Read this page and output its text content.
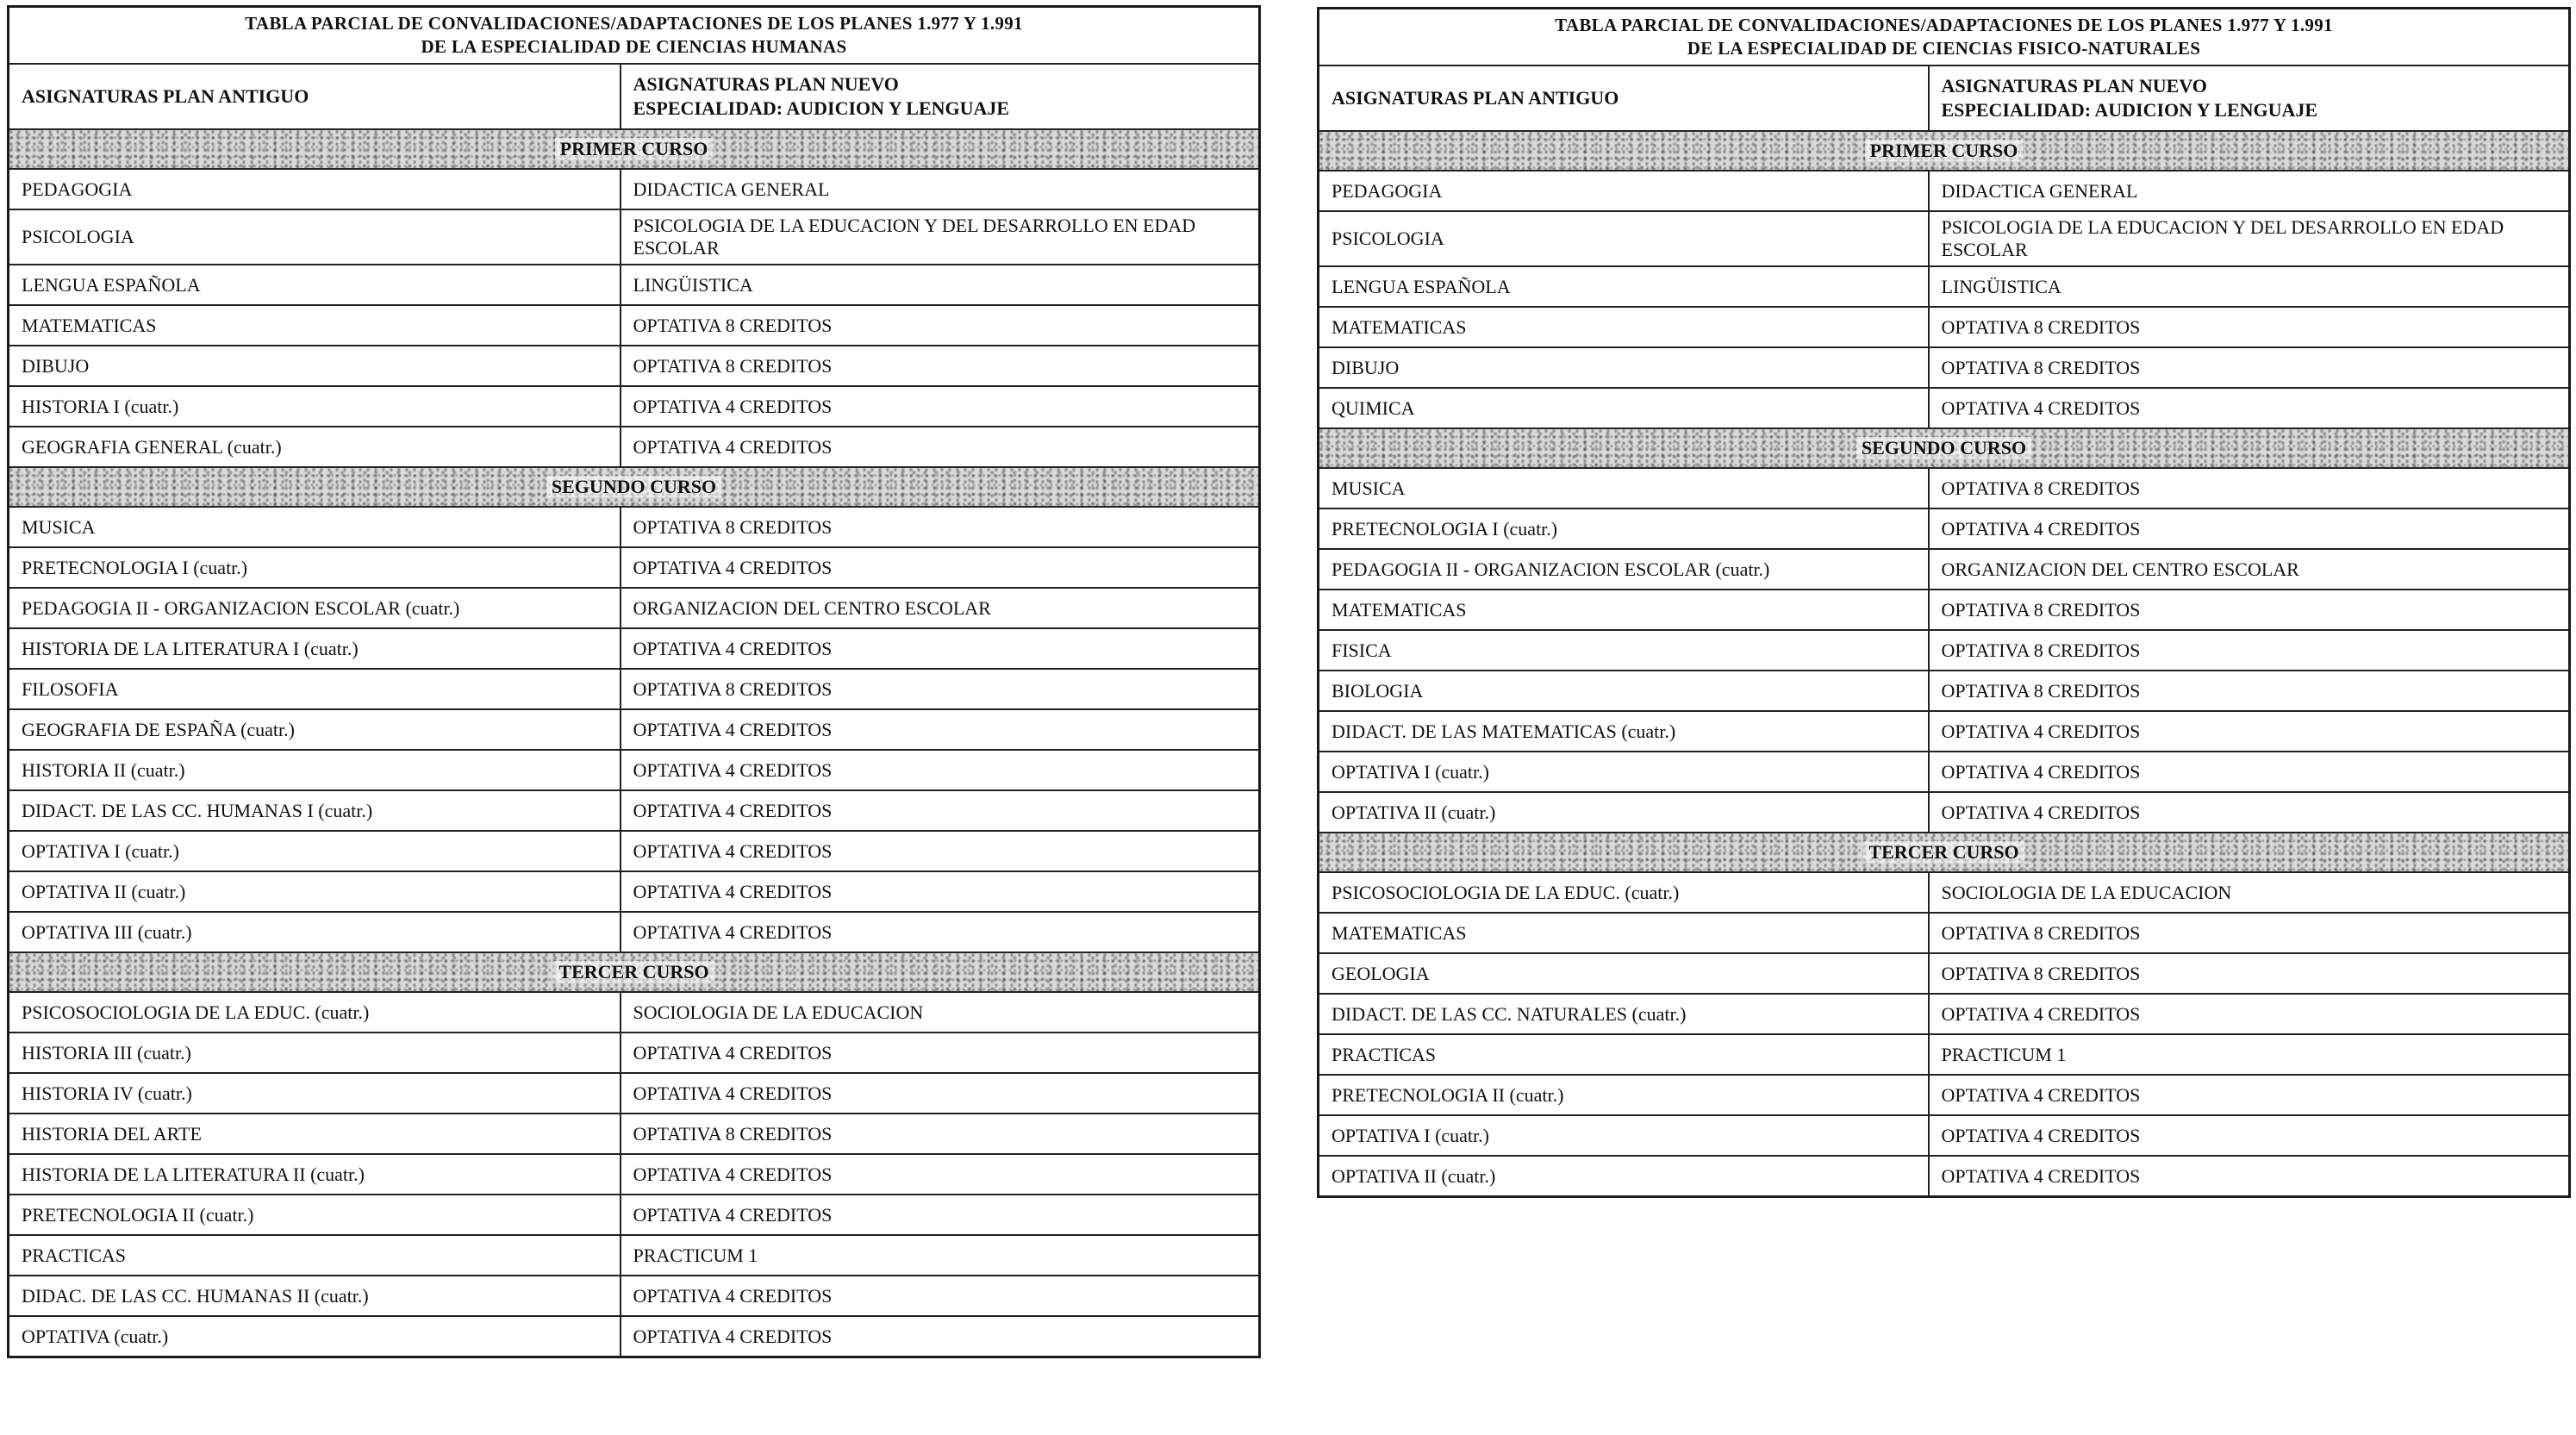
TABLA PARCIAL DE CONVALIDACIONES/ADAPTACIONES DE LOS PLANES 1.977 Y 1.991
DE LA ESPECIALIDAD DE CIENCIAS HUMANAS	

ASIGNATURAS PLAN ANTIGUO	ASIGNATURAS PLAN NUEVO
ESPECIALIDAD: AUDICION Y LENGUAJE

PRIMER CURSO	
PEDAGOGIA	DIDACTICA GENERAL
PSICOLOGIA	PSICOLOGIA DE LA EDUCACION Y DEL DESARROLLO EN EDAD ESCOLAR
LENGUA ESPAÑOLA	LINGÜISTICA
MATEMATICAS	OPTATIVA 8 CREDITOS
DIBUJO	OPTATIVA 8 CREDITOS
HISTORIA I (cuatr.)	OPTATIVA 4 CREDITOS
GEOGRAFIA GENERAL (cuatr.)	OPTATIVA 4 CREDITOS
SEGUNDO CURSO	
MUSICA	OPTATIVA 8 CREDITOS
PRETECNOLOGIA I (cuatr.)	OPTATIVA 4 CREDITOS
PEDAGOGIA II - ORGANIZACION ESCOLAR (cuatr.)	ORGANIZACION DEL CENTRO ESCOLAR
HISTORIA DE LA LITERATURA I (cuatr.)	OPTATIVA 4 CREDITOS
FILOSOFIA	OPTATIVA 8 CREDITOS
GEOGRAFIA DE ESPAÑA (cuatr.)	OPTATIVA 4 CREDITOS
HISTORIA II (cuatr.)	OPTATIVA 4 CREDITOS
DIDACT. DE LAS CC. HUMANAS I (cuatr.)	OPTATIVA 4 CREDITOS
OPTATIVA I (cuatr.)	OPTATIVA 4 CREDITOS
OPTATIVA II (cuatr.)	OPTATIVA 4 CREDITOS
OPTATIVA III (cuatr.)	OPTATIVA 4 CREDITOS
TERCER CURSO	
PSICOSOCIOLOGIA DE LA EDUC. (cuatr.)	SOCIOLOGIA DE LA EDUCACION
HISTORIA III (cuatr.)	OPTATIVA 4 CREDITOS
HISTORIA IV (cuatr.)	OPTATIVA 4 CREDITOS
HISTORIA DEL ARTE	OPTATIVA 8 CREDITOS
HISTORIA DE LA LITERATURA II (cuatr.)	OPTATIVA 4 CREDITOS
PRETECNOLOGIA II (cuatr.)	OPTATIVA 4 CREDITOS
PRACTICAS	PRACTICUM 1
DIDAC. DE LAS CC. HUMANAS II (cuatr.)	OPTATIVA 4 CREDITOS
OPTATIVA (cuatr.)	OPTATIVA 4 CREDITOS
TABLA PARCIAL DE CONVALIDACIONES/ADAPTACIONES DE LOS PLANES 1.977 Y 1.991
DE LA ESPECIALIDAD DE CIENCIAS FISICO-NATURALES	

ASIGNATURAS PLAN ANTIGUO	ASIGNATURAS PLAN NUEVO
ESPECIALIDAD: AUDICION Y LENGUAJE

PRIMER CURSO	
PEDAGOGIA	DIDACTICA GENERAL
PSICOLOGIA	PSICOLOGIA DE LA EDUCACION Y DEL DESARROLLO EN EDAD ESCOLAR
LENGUA ESPAÑOLA	LINGÜISTICA
MATEMATICAS	OPTATIVA 8 CREDITOS
DIBUJO	OPTATIVA 8 CREDITOS
QUIMICA	OPTATIVA 4 CREDITOS
SEGUNDO CURSO	
MUSICA	OPTATIVA 8 CREDITOS
PRETECNOLOGIA I (cuatr.)	OPTATIVA 4 CREDITOS
PEDAGOGIA II - ORGANIZACION ESCOLAR (cuatr.)	ORGANIZACION DEL CENTRO ESCOLAR
MATEMATICAS	OPTATIVA 8 CREDITOS
FISICA	OPTATIVA 8 CREDITOS
BIOLOGIA	OPTATIVA 8 CREDITOS
DIDACT. DE LAS MATEMATICAS (cuatr.)	OPTATIVA 4 CREDITOS
OPTATIVA I (cuatr.)	OPTATIVA 4 CREDITOS
OPTATIVA II (cuatr.)	OPTATIVA 4 CREDITOS
TERCER CURSO	
PSICOSOCIOLOGIA DE LA EDUC. (cuatr.)	SOCIOLOGIA DE LA EDUCACION
MATEMATICAS	OPTATIVA 8 CREDITOS
GEOLOGIA	OPTATIVA 8 CREDITOS
DIDACT. DE LAS CC. NATURALES (cuatr.)	OPTATIVA 4 CREDITOS
PRACTICAS	PRACTICUM 1
PRETECNOLOGIA II (cuatr.)	OPTATIVA 4 CREDITOS
OPTATIVA I (cuatr.)	OPTATIVA 4 CREDITOS
OPTATIVA II (cuatr.)	OPTATIVA 4 CREDITOS
